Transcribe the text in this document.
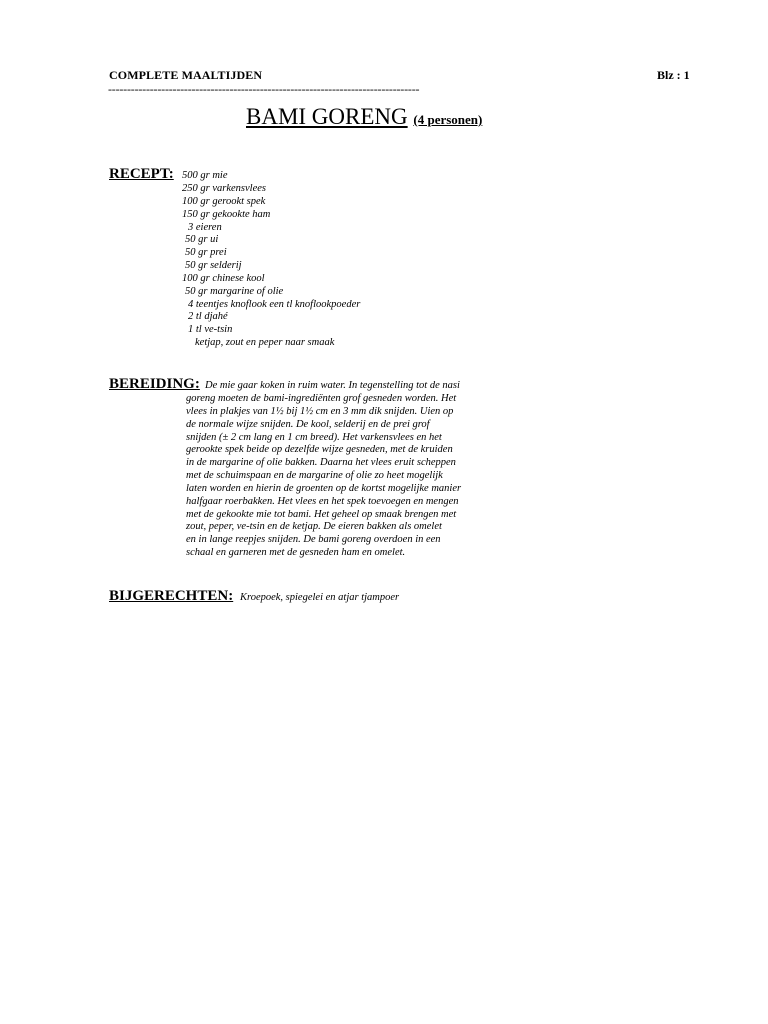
COMPLETE MAALTIJDEN	Blz : 1
----------------------------------------------------------------------------------
BAMI GORENG (4 personen)
RECEPT: 500 gr mie
250 gr varkensvlees
100 gr gerookt spek
150 gr gekookte ham
3 eieren
50 gr ui
50 gr prei
50 gr selderij
100 gr chinese kool
50 gr margarine of olie
4 teentjes knoflook een tl knoflookpoeder
2 tl djahé
1 tl ve-tsin
ketjap, zout en peper naar smaak
BEREIDING: De mie gaar koken in ruim water. In tegenstelling tot de nasi
goreng moeten de bami-ingrediënten grof gesneden worden. Het
vlees in plakjes van 1½ bij 1½ cm en 3 mm dik snijden. Uien op
de normale wijze snijden. De kool, selderij en de prei grof
snijden (± 2 cm lang en 1 cm breed). Het varkensvlees en het
gerookte spek beide op dezelfde wijze gesneden, met de kruiden
in de margarine of olie bakken. Daarna het vlees eruit scheppen
met de schuimspaan en de margarine of olie zo heet mogelijk
laten worden en hierin de groenten op de kortst mogelijke manier
halfgaar roerbakken. Het vlees en het spek toevoegen en mengen
met de gekookte mie tot bami. Het geheel op smaak brengen met
zout, peper, ve-tsin en de ketjap. De eieren bakken als omelet
en in lange reepjes snijden. De bami goreng overdoen in een
schaal en garneren met de gesneden ham en omelet.
BIJGERECHTEN: Kroepoek, spiegelei en atjar tjampoer
